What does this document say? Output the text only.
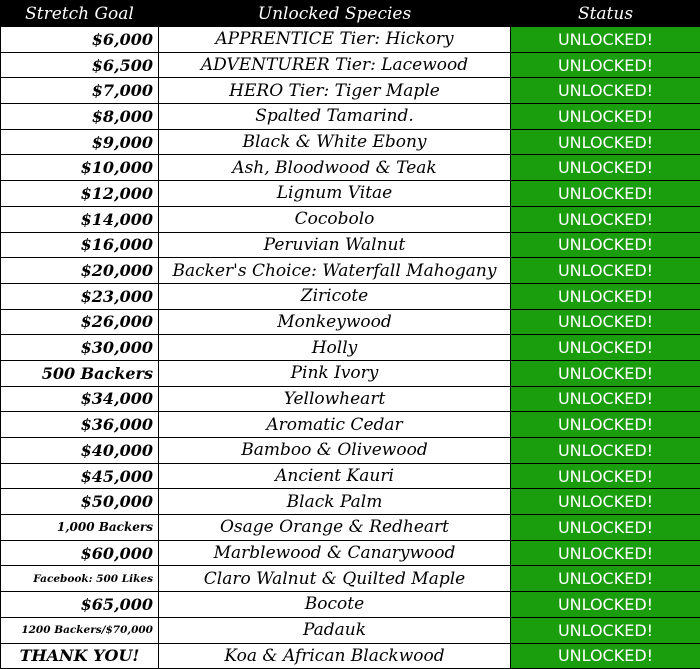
Stretch Goal	Unlocked Species	Status
$6,000	APPRENTICE Tier: Hickory	UNLOCKED!
$6,500	ADVENTURER Tier: Lacewood	UNLOCKED!
$7,000	HERO Tier: Tiger Maple	UNLOCKED!
$8,000	Spalted Tamarind.	UNLOCKED!
$9,000	Black & White Ebony	UNLOCKED!
$10,000	Ash, Bloodwood & Teak	UNLOCKED!
$12,000	Lignum Vitae	UNLOCKED!
$14,000	Cocobolo	UNLOCKED!
$16,000	Peruvian Walnut	UNLOCKED!
$20,000	Backer's Choice: Waterfall Mahogany	UNLOCKED!
$23,000	Ziricote	UNLOCKED!
$26,000	Monkeywood	UNLOCKED!
$30,000	Holly	UNLOCKED!
500 Backers	Pink Ivory	UNLOCKED!
$34,000	Yellowheart	UNLOCKED!
$36,000	Aromatic Cedar	UNLOCKED!
$40,000	Bamboo & Olivewood	UNLOCKED!
$45,000	Ancient Kauri	UNLOCKED!
$50,000	Black Palm	UNLOCKED!
1,000 Backers	Osage Orange & Redheart	UNLOCKED!
$60,000	Marblewood & Canarywood	UNLOCKED!
Facebook: 500 Likes	Claro Walnut & Quilted Maple	UNLOCKED!
$65,000	Bocote	UNLOCKED!
1200 Backers/$70,000	Padauk	UNLOCKED!
THANK YOU!	Koa & African Blackwood	UNLOCKED!
